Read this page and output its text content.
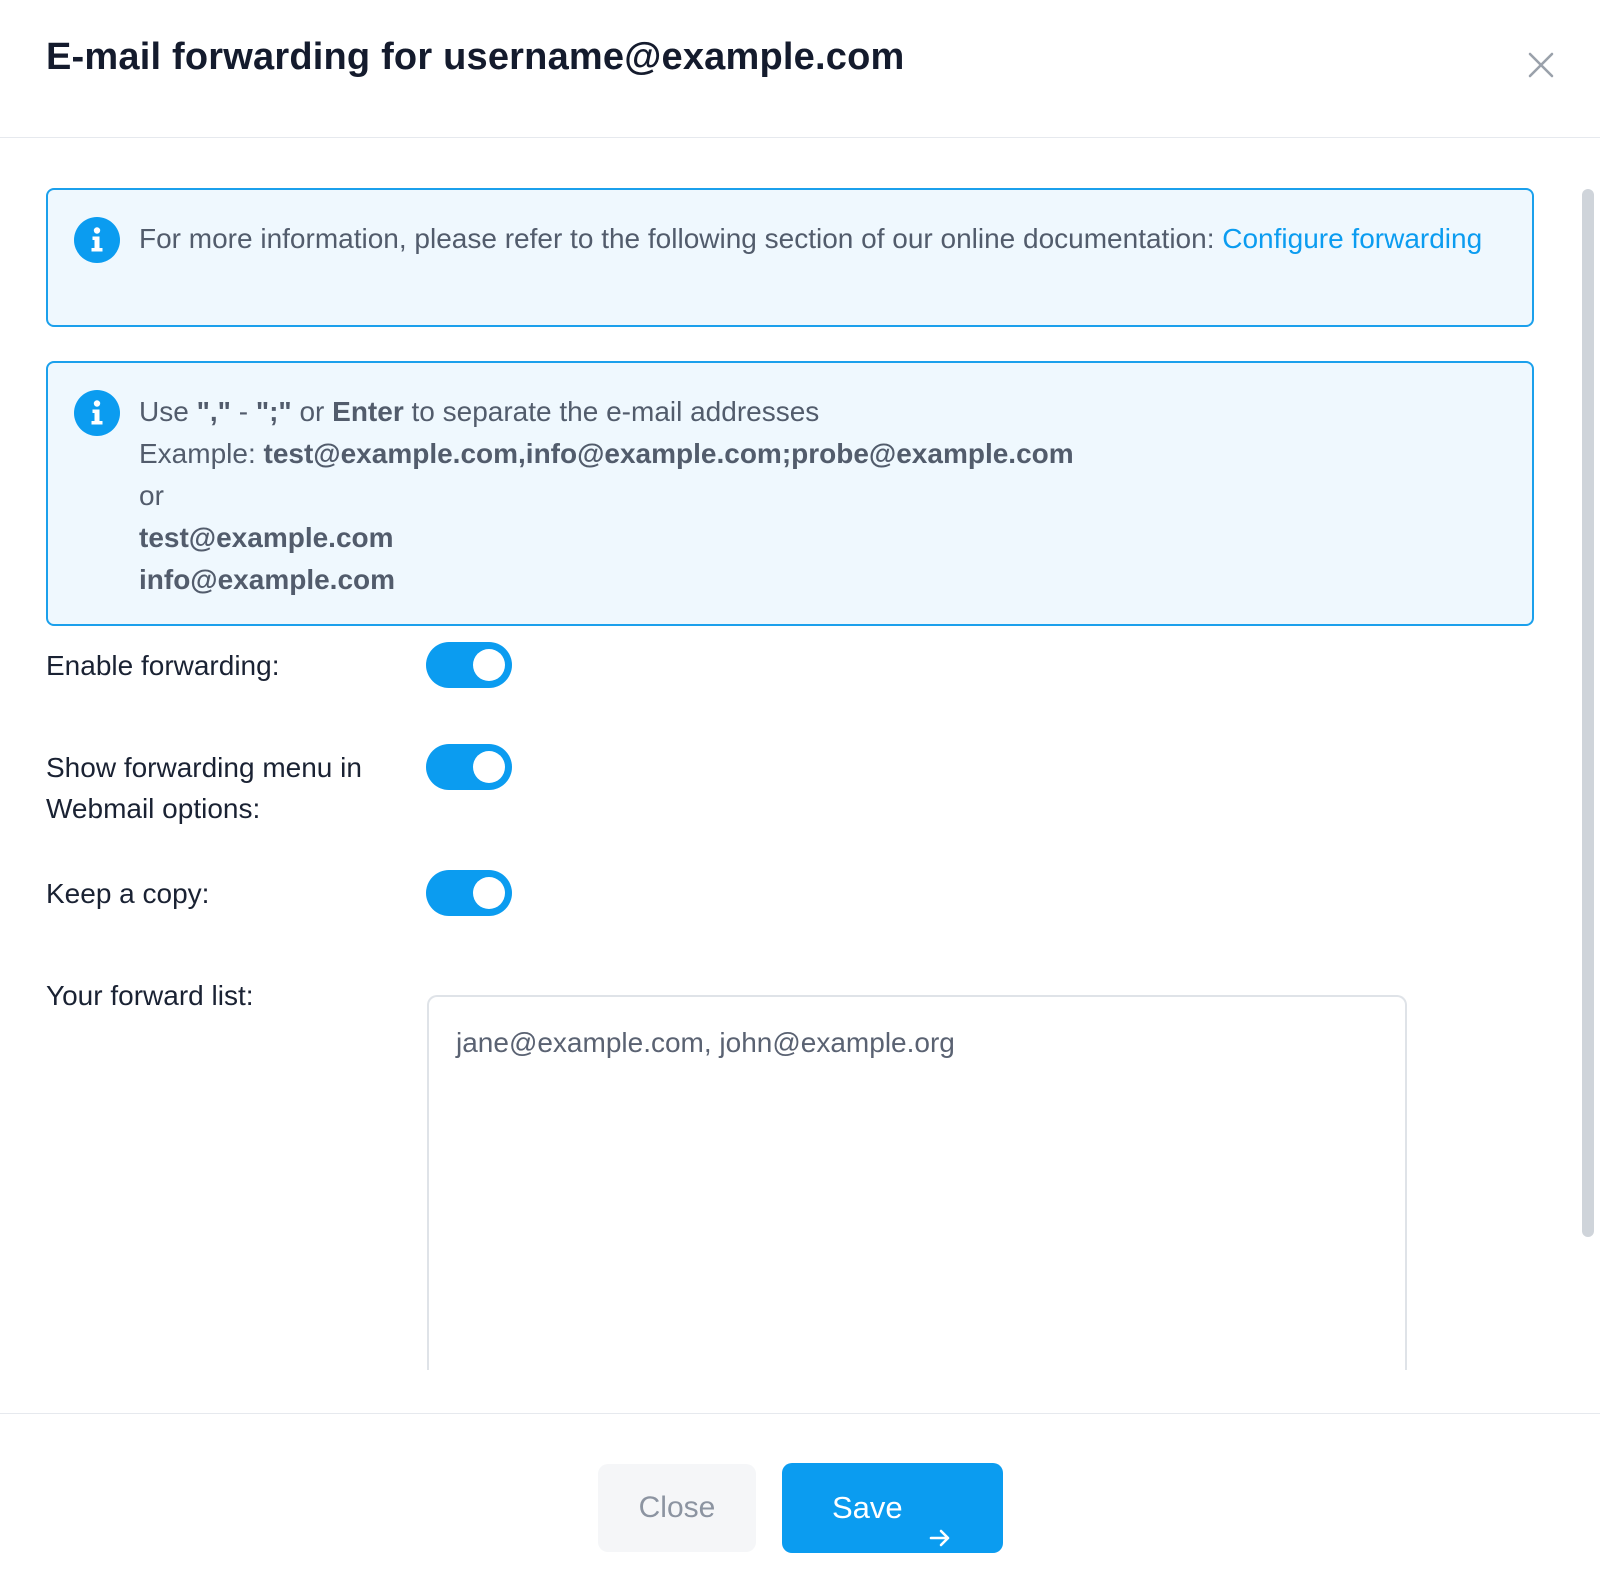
E-mail forwarding for username@example.com
For more information, please refer to the following section of our online documentation: Configure forwarding
Use "," - ";" or Enter to separate the e-mail addresses
Example: test@example.com,info@example.com;probe@example.com
or
test@example.com
info@example.com
Enable forwarding:
Show forwarding menu in Webmail options:
Keep a copy:
Your forward list:
jane@example.com, john@example.org
Close	Save
